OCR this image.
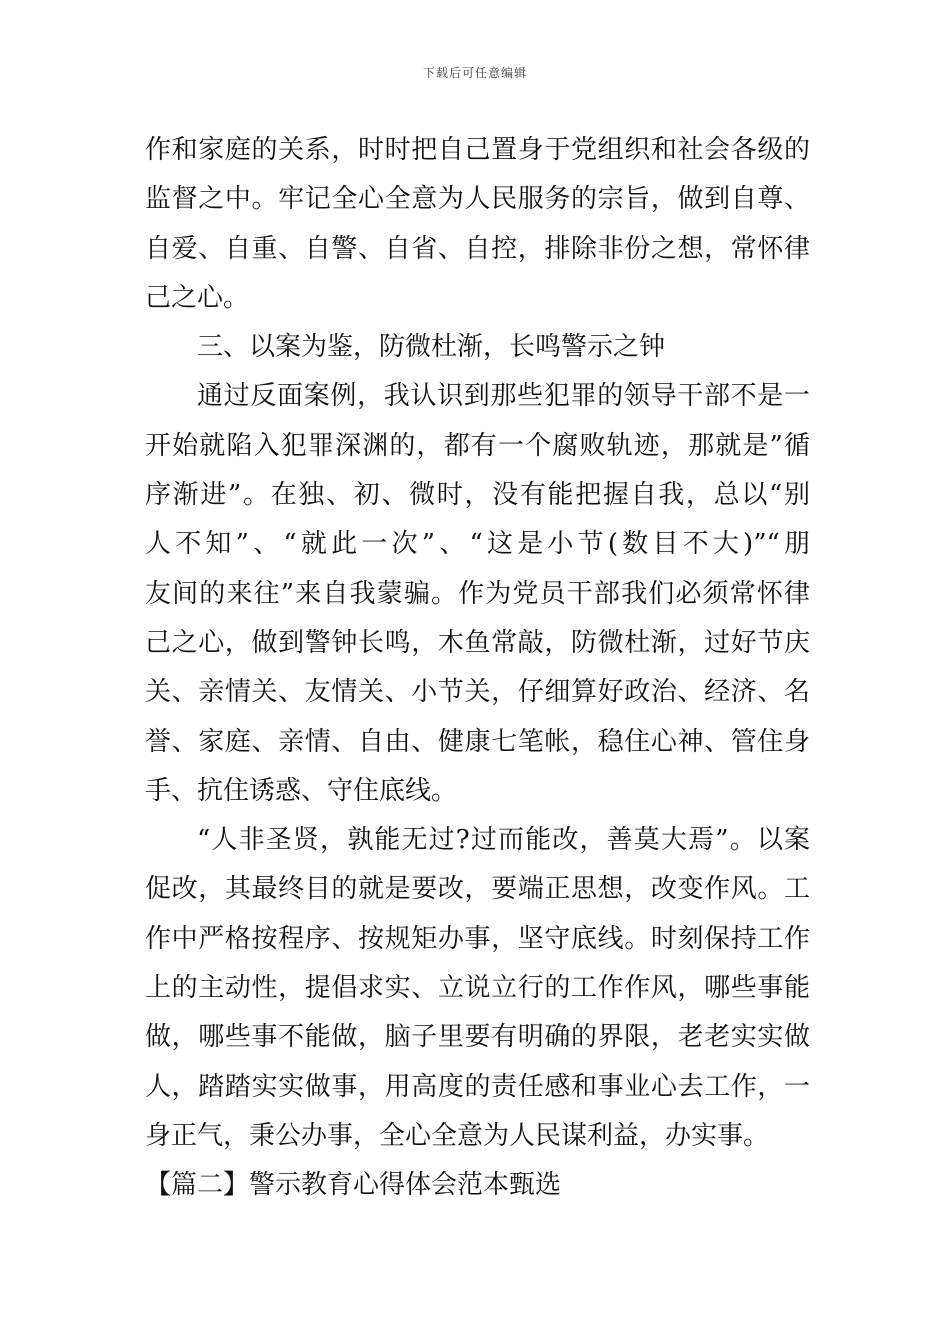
下载后可任意编辑
作和家庭的关系，时时把自己置身于党组织和社会各级的
监督之中。牢记全心全意为人民服务的宗旨，做到自尊、
自爱、自重、自警、自省、自控，排除非份之想，常怀律
己之心。
三、以案为鉴，防微杜渐，长鸣警示之钟
通过反面案例，我认识到那些犯罪的领导干部不是一
开始就陷入犯罪深渊的，都有一个腐败轨迹，那就是”循
序渐进”。在独、初、微时，没有能把握自我，总以“别
人不知”、“就此一次”、“这是小节(数目不大)”“朋
友间的来往”来自我蒙骗。作为党员干部我们必须常怀律
己之心，做到警钟长鸣，木鱼常敲，防微杜渐，过好节庆
关、亲情关、友情关、小节关，仔细算好政治、经济、名
誉、家庭、亲情、自由、健康七笔帐，稳住心神、管住身
手、抗住诱惑、守住底线。
“人非圣贤，孰能无过?过而能改，善莫大焉”。以案
促改，其最终目的就是要改，要端正思想，改变作风。工
作中严格按程序、按规矩办事，坚守底线。时刻保持工作
上的主动性，提倡求实、立说立行的工作作风，哪些事能
做，哪些事不能做，脑子里要有明确的界限，老老实实做
人，踏踏实实做事，用高度的责任感和事业心去工作，一
身正气，秉公办事，全心全意为人民谋利益，办实事。
【篇二】警示教育心得体会范本甄选
